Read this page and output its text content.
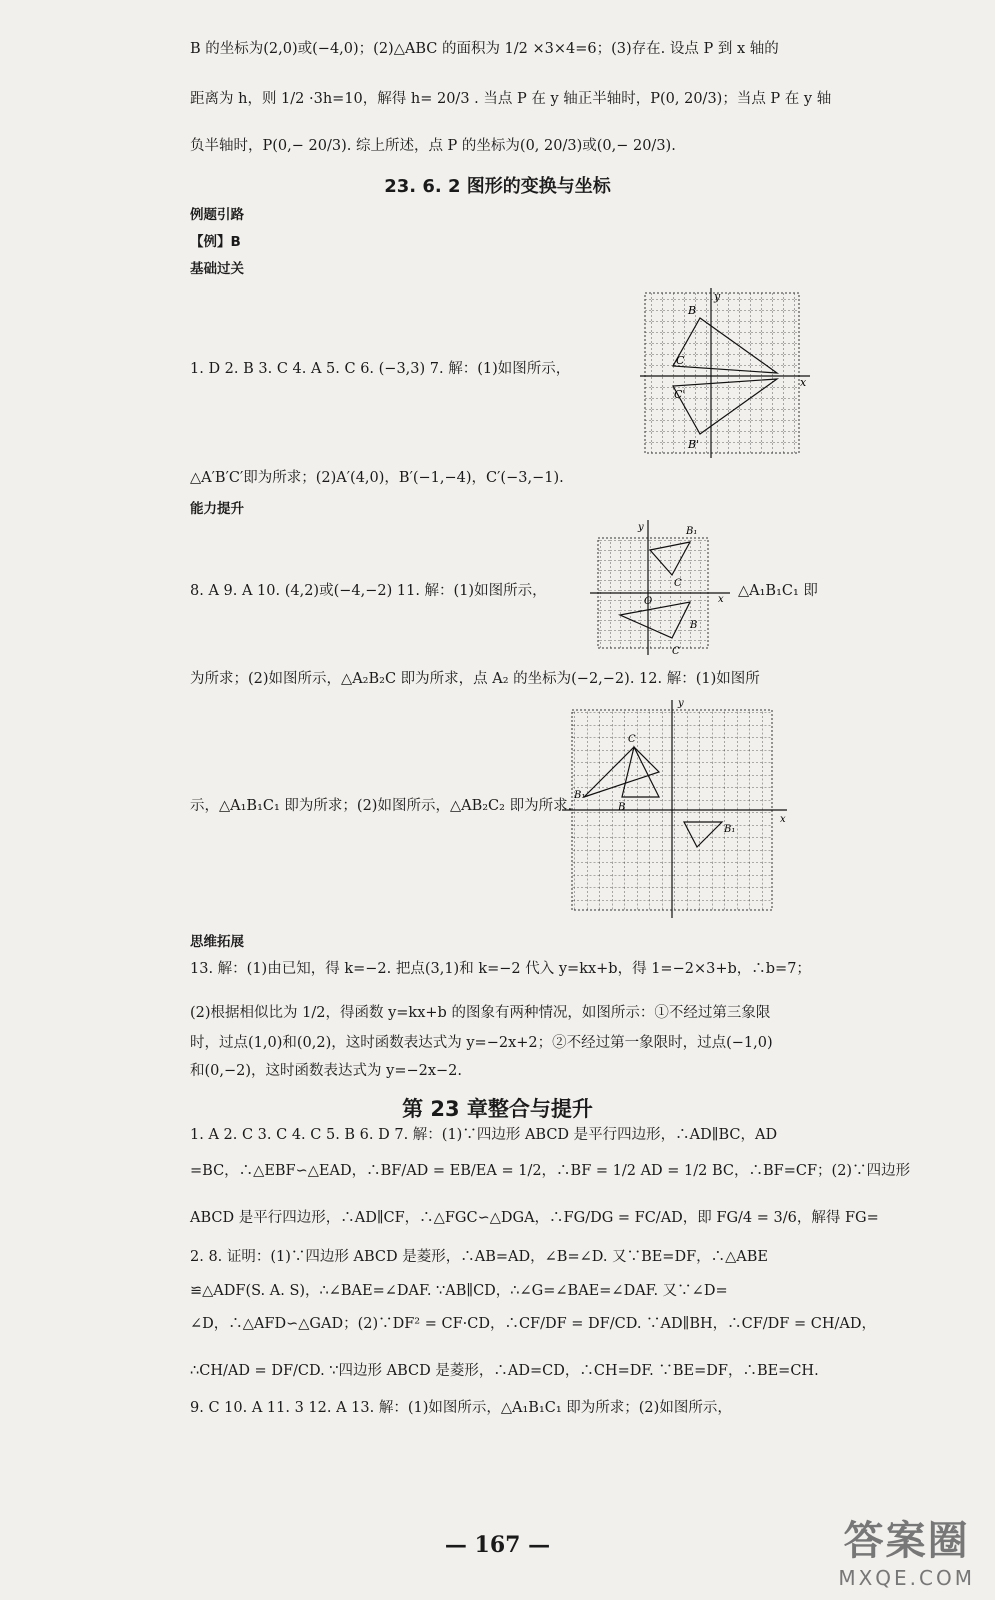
B 的坐标为(2,0)或(−4,0)；(2)△ABC 的面积为 1/2 ×3×4=6；(3)存在. 设点 P 到 x 轴的
距离为 h，则 1/2 ·3h=10，解得 h= 20/3 . 当点 P 在 y 轴正半轴时，P(0, 20/3)；当点 P 在 y 轴
负半轴时，P(0,− 20/3). 综上所述，点 P 的坐标为(0, 20/3)或(0,− 20/3).
23. 6. 2 图形的变换与坐标
例题引路
【例】B
基础过关
1. D 2. B 3. C 4. A 5. C 6. (−3,3) 7. 解：(1)如图所示，
B
C
C'
B'
x
y
△A′B′C′即为所求；(2)A′(4,0)，B′(−1,−4)，C′(−3,−1).
能力提升
8. A 9. A 10. (4,2)或(−4,−2) 11. 解：(1)如图所示，
B₁
C
O	x
y
B
C
△A₁B₁C₁ 即
为所求；(2)如图所示，△A₂B₂C 即为所求，点 A₂ 的坐标为(−2,−2). 12. 解：(1)如图所
C
B₁
B
y
x
B₁
示，△A₁B₁C₁ 即为所求；(2)如图所示，△AB₂C₂ 即为所求.
思维拓展
13. 解：(1)由已知，得 k=−2. 把点(3,1)和 k=−2 代入 y=kx+b，得 1=−2×3+b，∴b=7；
(2)根据相似比为 1/2，得函数 y=kx+b 的图象有两种情况，如图所示：①不经过第三象限
时，过点(1,0)和(0,2)，这时函数表达式为 y=−2x+2；②不经过第一象限时，过点(−1,0)
和(0,−2)，这时函数表达式为 y=−2x−2.
第 23 章整合与提升
1. A 2. C 3. C 4. C 5. B 6. D 7. 解：(1)∵四边形 ABCD 是平行四边形，∴AD∥BC，AD
=BC，∴△EBF∽△EAD，∴BF/AD = EB/EA = 1/2，∴BF = 1/2 AD = 1/2 BC，∴BF=CF；(2)∵四边形
ABCD 是平行四边形，∴AD∥CF，∴△FGC∽△DGA，∴FG/DG = FC/AD，即 FG/4 = 3/6，解得 FG=
2. 8. 证明：(1)∵四边形 ABCD 是菱形，∴AB=AD，∠B=∠D. 又∵BE=DF，∴△ABE
≌△ADF(S. A. S)，∴∠BAE=∠DAF. ∵AB∥CD，∴∠G=∠BAE=∠DAF. 又∵∠D=
∠D，∴△AFD∽△GAD；(2)∵DF² = CF·CD，∴CF/DF = DF/CD. ∵AD∥BH，∴CF/DF = CH/AD，
∴CH/AD = DF/CD. ∵四边形 ABCD 是菱形，∴AD=CD，∴CH=DF. ∵BE=DF，∴BE=CH.
9. C 10. A 11. 3 12. A 13. 解：(1)如图所示，△A₁B₁C₁ 即为所求；(2)如图所示，
— 167 —	答案圈
MXQE.COM
